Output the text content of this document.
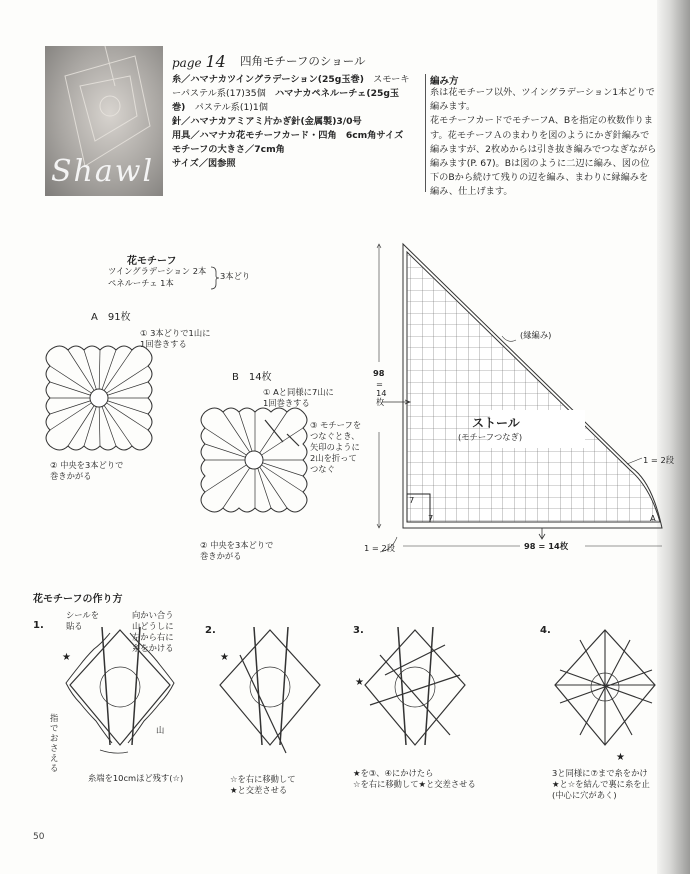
Shawl
page 14 四角モチーフのショール
糸／ハマナカツイングラデーション(25g玉巻)　 スモーキーパステル系(17)35個　 ハマナカペネルーチェ(25g玉巻)　 パステル系(1)1個
針／ハマナカアミアミ片かぎ針(金属製)3/0号
用具／ハマナカ花モチーフカード・四角　6cm角サイズ
モチーフの大きさ／7cm角
サイズ／図参照
編み方
糸は花モチーフ以外、ツイングラデーション1本どりで
編みます。
花モチーフカードでモチーフA、Bを指定の枚数作りま
す。花モチーフＡのまわりを図のようにかぎ針編みで
編みますが、2枚めからは引き抜き編みでつなぎながら
編みます(P. 67)。Bは図のように二辺に編み、図の位
下のBから続けて残りの辺を編み、まわりに縁編みを
編み、仕上げます。
花モチーフ
ツイングラデーション 2本
ペネルーチェ 1本
3本どり
A　91枚
① 3本どりで1山に
1回巻きする
② 中央を3本どりで
巻きかがる
B　14枚
① Aと同様に7山に
1回巻きする
③ モチーフを
つなぐとき、
矢印のように
2山を折って
つなぐ
② 中央を3本どりで
巻きかがる
(縁編み)
ストール
(モチーフつなぎ)
98
=
14
枚
98 = 14枚
1 = 2段
1 = 2段
7
7	A
花モチーフの作り方
1.
シールを
貼る
向かい合う
山どうしに
左から右に
糸をかける
山
指
で
お
さ
え
る
糸端を10cmほど残す(☆)
2.
☆を右に移動して
★と交差させる
3.
★を③、④にかけたら
☆を右に移動して★と交差させる
4.
3と同様に⑦まで糸をかけ
★と☆を結んで裏に糸を止
(中心に穴があく)
★	★
★
★
50
